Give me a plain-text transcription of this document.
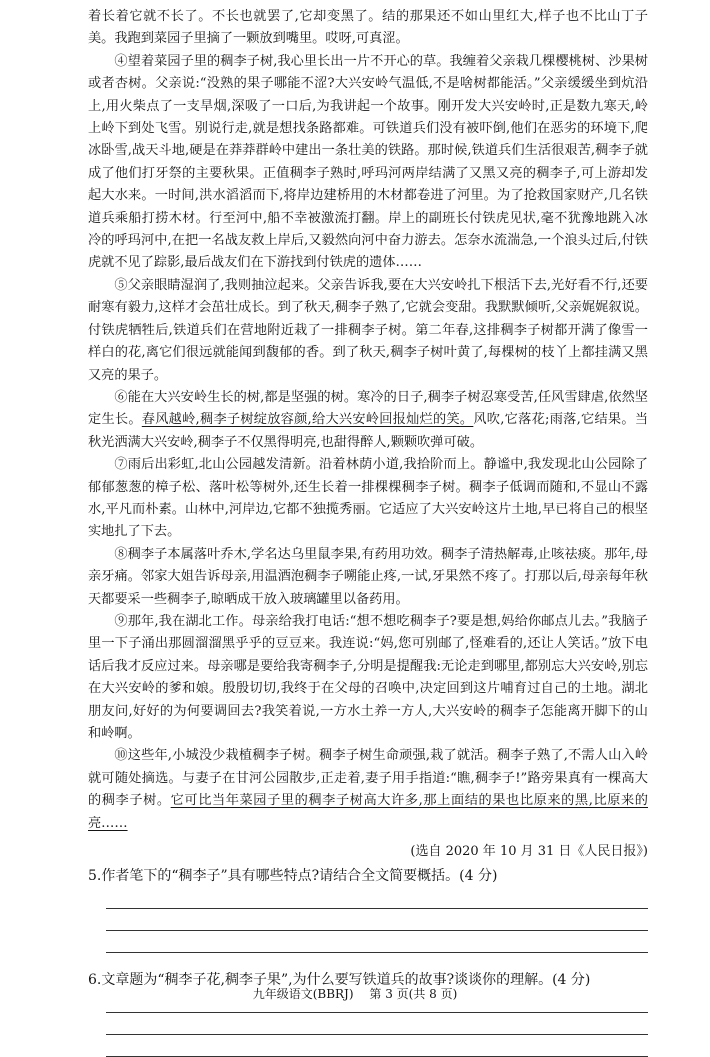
着长着它就不长了。不长也就罢了,它却变黑了。结的那果还不如山里红大,样子也不比山丁子美。我跑到菜园子里摘了一颗放到嘴里。哎呀,可真涩。

④望着菜园子里的稠李子树,我心里长出一片不开心的草。我缠着父亲栽几棵樱桃树、沙果树或者杏树。父亲说:“没熟的果子哪能不涩?大兴安岭气温低,不是啥树都能活。”父亲缓缓坐到炕沿上,用火柴点了一支旱烟,深吸了一口后,为我讲起一个故事。刚开发大兴安岭时,正是数九寒天,岭上岭下到处飞雪。别说行走,就是想找条路都难。可铁道兵们没有被吓倒,他们在恶劣的环境下,爬冰卧雪,战天斗地,硬是在莽莽群岭中建出一条壮美的铁路。那时候,铁道兵们生活很艰苦,稠李子就成了他们打牙祭的主要秋果。正值稠李子熟时,呼玛河两岸结满了又黑又亮的稠李子,可上游却发起大水来。一时间,洪水滔滔而下,将岸边建桥用的木材都卷进了河里。为了抢救国家财产,几名铁道兵乘船打捞木材。行至河中,船不幸被激流打翻。岸上的副班长付铁虎见状,毫不犹豫地跳入冰冷的呼玛河中,在把一名战友救上岸后,又毅然向河中奋力游去。怎奈水流湍急,一个浪头过后,付铁虎就不见了踪影,最后战友们在下游找到付铁虎的遗体……

⑤父亲眼睛湿润了,我则抽泣起来。父亲告诉我,要在大兴安岭扎下根活下去,光好看不行,还要耐寒有毅力,这样才会茁壮成长。到了秋天,稠李子熟了,它就会变甜。我默默倾听,父亲娓娓叙说。付铁虎牺牲后,铁道兵们在营地附近栽了一排稠李子树。第二年春,这排稠李子树都开满了像雪一样白的花,离它们很远就能闻到馥郁的香。到了秋天,稠李子树叶黄了,每棵树的枝丫上都挂满又黑又亮的果子。

⑥能在大兴安岭生长的树,都是坚强的树。寒冷的日子,稠李子树忍寒受苦,任风雪肆虐,依然坚定生长。春风越岭,稠李子树绽放容颜,给大兴安岭回报灿烂的笑。风吹,它落花;雨落,它结果。当秋光洒满大兴安岭,稠李子不仅黑得明亮,也甜得醉人,颗颗吹弹可破。

⑦雨后出彩虹,北山公园越发清新。沿着林荫小道,我拾阶而上。静谧中,我发现北山公园除了郁郁葱葱的樟子松、落叶松等树外,还生长着一排棵棵稠李子树。稠李子低调而随和,不显山不露水,平凡而朴素。山林中,河岸边,它都不独揽秀丽。它适应了大兴安岭这片土地,早已将自己的根坚实地扎了下去。

⑧稠李子本属落叶乔木,学名达乌里鼠李果,有药用功效。稠李子清热解毒,止咳祛痰。那年,母亲牙痛。邻家大姐告诉母亲,用温酒泡稠李子嗍能止疼,一试,牙果然不疼了。打那以后,母亲每年秋天都要采一些稠李子,晾晒成干放入玻璃罐里以备药用。

⑨那年,我在湖北工作。母亲给我打电话:“想不想吃稠李子?要是想,妈给你邮点儿去。”我脑子里一下子涌出那圆溜溜黑乎乎的豆豆来。我连说:“妈,您可别邮了,怪难看的,还让人笑话。”放下电话后我才反应过来。母亲哪是要给我寄稠李子,分明是提醒我:无论走到哪里,都别忘大兴安岭,别忘在大兴安岭的爹和娘。殷殷切切,我终于在父母的召唤中,决定回到这片哺育过自己的土地。湖北朋友问,好好的为何要调回去?我笑着说,一方水土养一方人,大兴安岭的稠李子怎能离开脚下的山和岭啊。

⑩这些年,小城没少栽植稠李子树。稠李子树生命顽强,栽了就活。稠李子熟了,不需人山入岭就可随处摘选。与妻子在甘河公园散步,正走着,妻子用手指道:“瞧,稠李子!”路旁果真有一棵高大的稠李子树。它可比当年菜园子里的稠李子树高大许多,那上面结的果也比原来的黑,比原来的亮……

(选自 2020 年 10 月 31 日《人民日报》)
5.作者笔下的“稠李子”具有哪些特点?请结合全文简要概括。(4 分)
6.文章题为“稠李子花,稠李子果”,为什么要写铁道兵的故事?谈谈你的理解。(4 分)
九年级语文(BBRJ) 第 3 页(共 8 页)
